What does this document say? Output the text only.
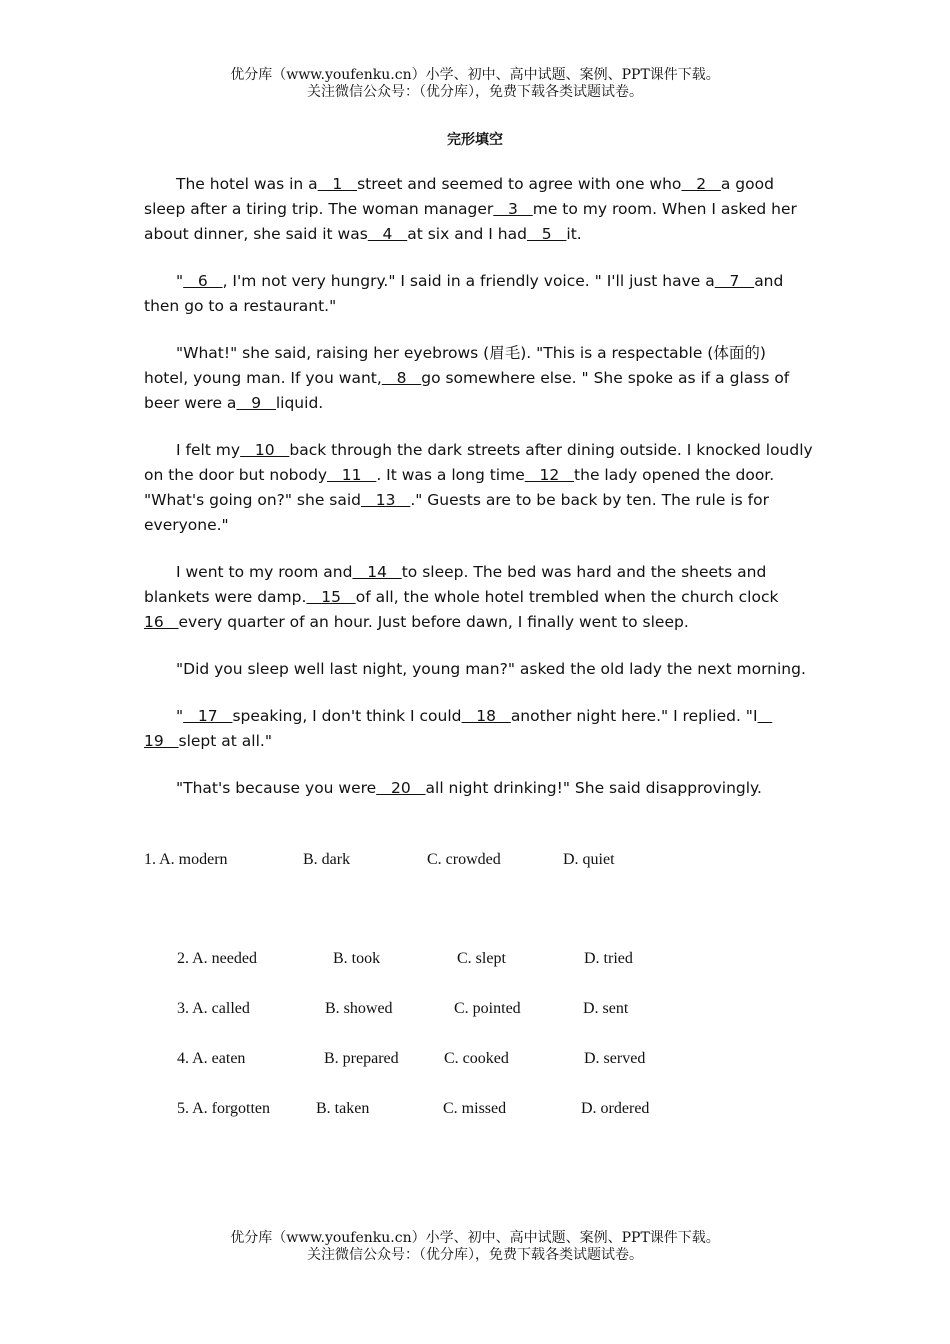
优分库（www.youfenku.cn）小学、初中、高中试题、案例、PPT课件下载。
关注微信公众号：（优分库），免费下载各类试题试卷。
完形填空

The hotel was in a   1   street and seemed to agree with one who   2   a good sleep after a tiring trip. The woman manager   3   me to my room. When I asked her about dinner, she said it was   4   at six and I had   5   it.

"   6   , I'm not very hungry." I said in a friendly voice. " I'll just have a   7   and then go to a restaurant."

"What!" she said, raising her eyebrows (眉毛). "This is a respectable (体面的) hotel, young man. If you want,   8   go somewhere else. " She spoke as if a glass of beer were a   9   liquid.

I felt my   10   back through the dark streets after dining outside. I knocked loudly on the door but nobody   11   . It was a long time   12   the lady opened the door. "What's going on?" she said   13   ." Guests are to be back by ten. The rule is for everyone."

I went to my room and   14   to sleep. The bed was hard and the sheets and blankets were damp.   15   of all, the whole hotel trembled when the church clock
16   every quarter of an hour. Just before dawn, I finally went to sleep.

"Did you sleep well last night, young man?" asked the old lady the next morning.

"   17   speaking, I don't think I could   18   another night here." I replied. "I
19   slept at all."

"That's because you were   20   all night drinking!" She said disapprovingly.

1. A. modern	B. dark	C. crowded	D. quiet
2. A. needed	B. took	C. slept	D. tried
3. A. called	B. showed	C. pointed	D. sent
4. A. eaten	B. prepared	C. cooked	D. served
5. A. forgotten	B. taken	C. missed	D. ordered
优分库（www.youfenku.cn）小学、初中、高中试题、案例、PPT课件下载。
关注微信公众号：（优分库），免费下载各类试题试卷。
